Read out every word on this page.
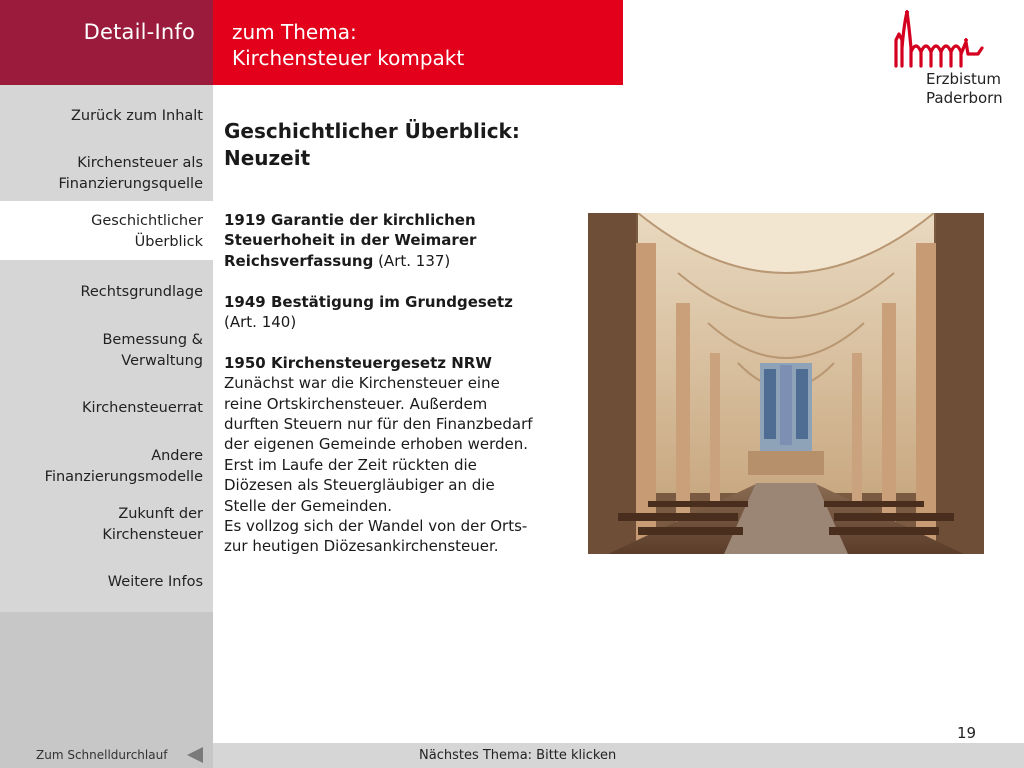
Detail-Info zum Thema:
Kirchensteuer kompakt
Erzbistum
Paderborn
Zurück zum Inhalt
Kirchensteuer als
Finanzierungsquelle
Geschichtlicher
Überblick
Rechtsgrundlage
Bemessung &
Verwaltung
Kirchensteuerrat
Andere
Finanzierungsmodelle
Zukunft der
Kirchensteuer
Weitere Infos
Geschichtlicher Überblick:
Neuzeit

1919 Garantie der kirchlichen
Steuerhoheit in der Weimarer
Reichsverfassung (Art. 137)

1949 Bestätigung im Grundgesetz
(Art. 140)

1950 Kirchensteuergesetz NRW
Zunächst war die Kirchensteuer eine
reine Ortskirchensteuer. Außerdem
durften Steuern nur für den Finanzbedarf
der eigenen Gemeinde erhoben werden.
Erst im Laufe der Zeit rückten die
Diözesen als Steuergläubiger an die
Stelle der Gemeinden.
Es vollzog sich der Wandel von der Orts-
zur heutigen Diözesankirchensteuer.

19
Zum Schnelldurchlauf	Nächstes Thema: Bitte klicken
